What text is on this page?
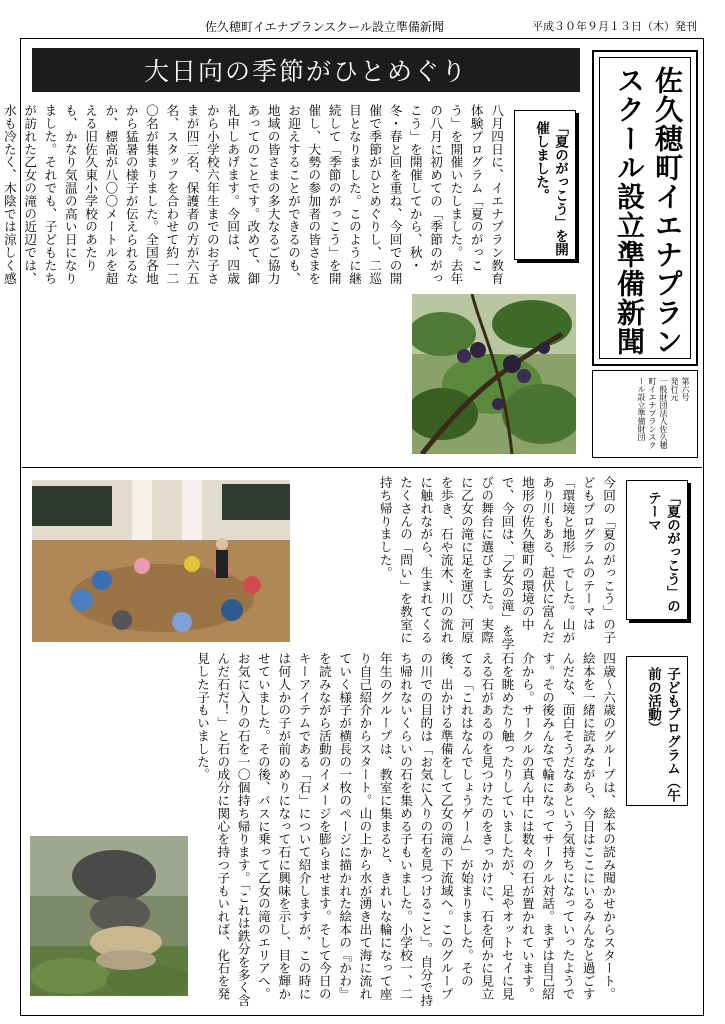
佐久穂町イエナプランスクール設立準備新聞	平成３０年９月１３日（木）発刊
大日向の季節がひとめぐり	佐久穂町イエナプランスクール設立準備新聞
第六号
発行元
一般財団法人佐久穂町イエナプランスクール設立準備財団
「夏のがっこう」を開催しました。
八月四日に、イエナプラン教育体験プログラム「夏のがっこう」を開催いたしました。去年の八月に初めての「季節のがっこう」を開催してから、秋・冬・春と回を重ね、今回での開催で季節がひとめぐりし、二巡目となりました。このように継続して「季節のがっこう」を開催し、大勢の参加者の皆さまをお迎えすることができるのも、地域の皆さまの多大なるご協力あってのことです。改めて、御礼申しあげます。今回は、四歳から小学校六年生までのお子さまが四二名、保護者の方が六五名、スタッフを合わせて約一二〇名が集まりました。全国各地から猛暑の様子が伝えられるなか、標高が八〇〇メートルを超える旧佐久東小学校のあたりも、かなり気温の高い日になりました。それでも、子どもたちが訪れた乙女の滝の近辺では、水も冷たく、木陰では涼しく感
「夏のがっこう」のテーマ
今回の「夏のがっこう」の子どもプログラムのテーマは「環境と地形」でした。山があり川もある、起伏に富んだ地形の佐久穂町の環境の中で、今回は、「乙女の滝」を学びの舞台に選びました。実際に乙女の滝に足を運び、河原を歩き、石や流木、川の流れに触れながら、生まれてくるたくさんの「問い」を教室に持ち帰りました。
子どもプログラム（午前の活動）
四歳～六歳のグループは、絵本の読み聞かせからスタート。絵本を一緒に読みながら、今日はここにいるみんなと過ごすんだな、面白そうだなあという気持ちになっていったようです。その後みんなで輪になってサークル対話。まずは自己紹介から。サークルの真ん中には数々の石が置かれています。石を眺めたり触ったりしていましたが、足やオットセイに見える石があるのを見つけたのをきっかけに、石を何かに見立てる「これはなんでしょうゲーム」が始まりました。その後、出かける準備をして乙女の滝の下流域へ。このグループの川での目的は「お気に入りの石を見つけること」。自分で持ち帰れないくらいの石を集める子もいました。小学校一、二年生のグループは、教室に集まると、きれいな輪になって座り自己紹介からスタート。山の上から水が湧き出て海に流れていく様子が横長の一枚のページに描かれた絵本の『かわ』を読みながら活動のイメージを膨らませます。そして今日のキーアイテムである「石」について紹介しますが、この時には何人かの子が前のめりになって石に興味を示し、目を輝かせていました。その後、バスに乗って乙女の滝のエリアへ。お気に入りの石を一〇個持ち帰ります。「これは鉄分を多く含んだ石だ！」と石の成分に関心を持つ子もいれば、化石を発見した子もいました。
